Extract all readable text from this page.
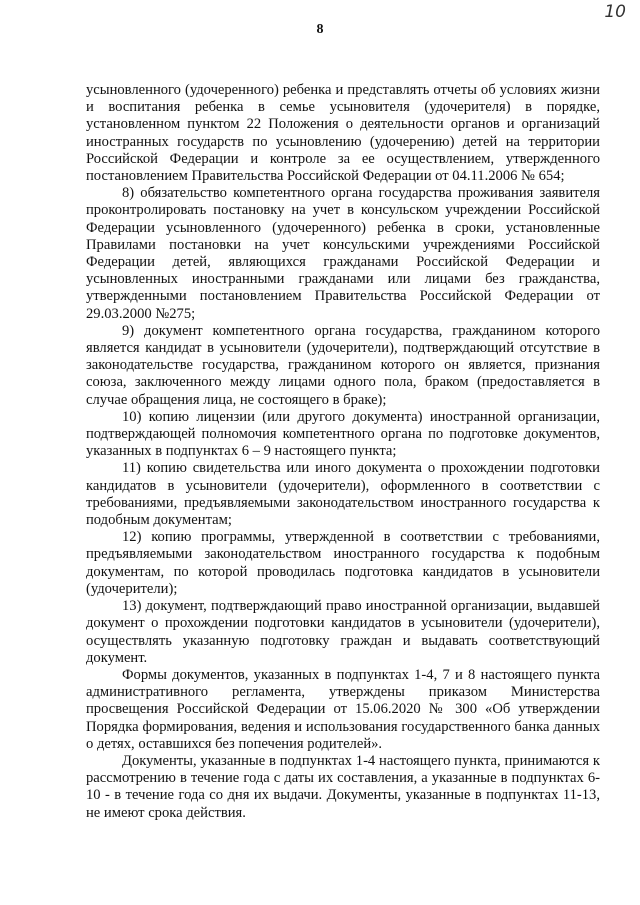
10
8

усыновленного (удочеренного) ребенка и представлять отчеты об условиях жизни и воспитания ребенка в семье усыновителя (удочерителя) в порядке, установленном пунктом 22 Положения о деятельности органов и организаций иностранных государств по усыновлению (удочерению) детей на территории Российской Федерации и контроле за ее осуществлением, утвержденного постановлением Правительства Российской Федерации от 04.11.2006 № 654;

8) обязательство компетентного органа государства проживания заявителя проконтролировать постановку на учет в консульском учреждении Российской Федерации усыновленного (удочеренного) ребенка в сроки, установленные Правилами постановки на учет консульскими учреждениями Российской Федерации детей, являющихся гражданами Российской Федерации и усыновленных иностранными гражданами или лицами без гражданства, утвержденными постановлением Правительства Российской Федерации от 29.03.2000 №275;

9) документ компетентного органа государства, гражданином которого является кандидат в усыновители (удочерители), подтверждающий отсутствие в законодательстве государства, гражданином которого он является, признания союза, заключенного между лицами одного пола, браком (предоставляется в случае обращения лица, не состоящего в браке);

10) копию лицензии (или другого документа) иностранной организации, подтверждающей полномочия компетентного органа по подготовке документов, указанных в подпунктах 6 – 9 настоящего пункта;

11) копию свидетельства или иного документа о прохождении подготовки кандидатов в усыновители (удочерители), оформленного в соответствии с требованиями, предъявляемыми законодательством иностранного государства к подобным документам;

12) копию программы, утвержденной в соответствии с требованиями, предъявляемыми законодательством иностранного государства к подобным документам, по которой проводилась подготовка кандидатов в усыновители (удочерители);

13) документ, подтверждающий право иностранной организации, выдавшей документ о прохождении подготовки кандидатов в усыновители (удочерители), осуществлять указанную подготовку граждан и выдавать соответствующий документ.

Формы документов, указанных в подпунктах 1-4, 7 и 8 настоящего пункта административного регламента, утверждены приказом Министерства просвещения Российской Федерации от 15.06.2020 № 300 «Об утверждении Порядка формирования, ведения и использования государственного банка данных о детях, оставшихся без попечения родителей».

Документы, указанные в подпунктах 1-4 настоящего пункта, принимаются к рассмотрению в течение года с даты их составления, а указанные в подпунктах 6-10 - в течение года со дня их выдачи. Документы, указанные в подпунктах 11-13, не имеют срока действия.
